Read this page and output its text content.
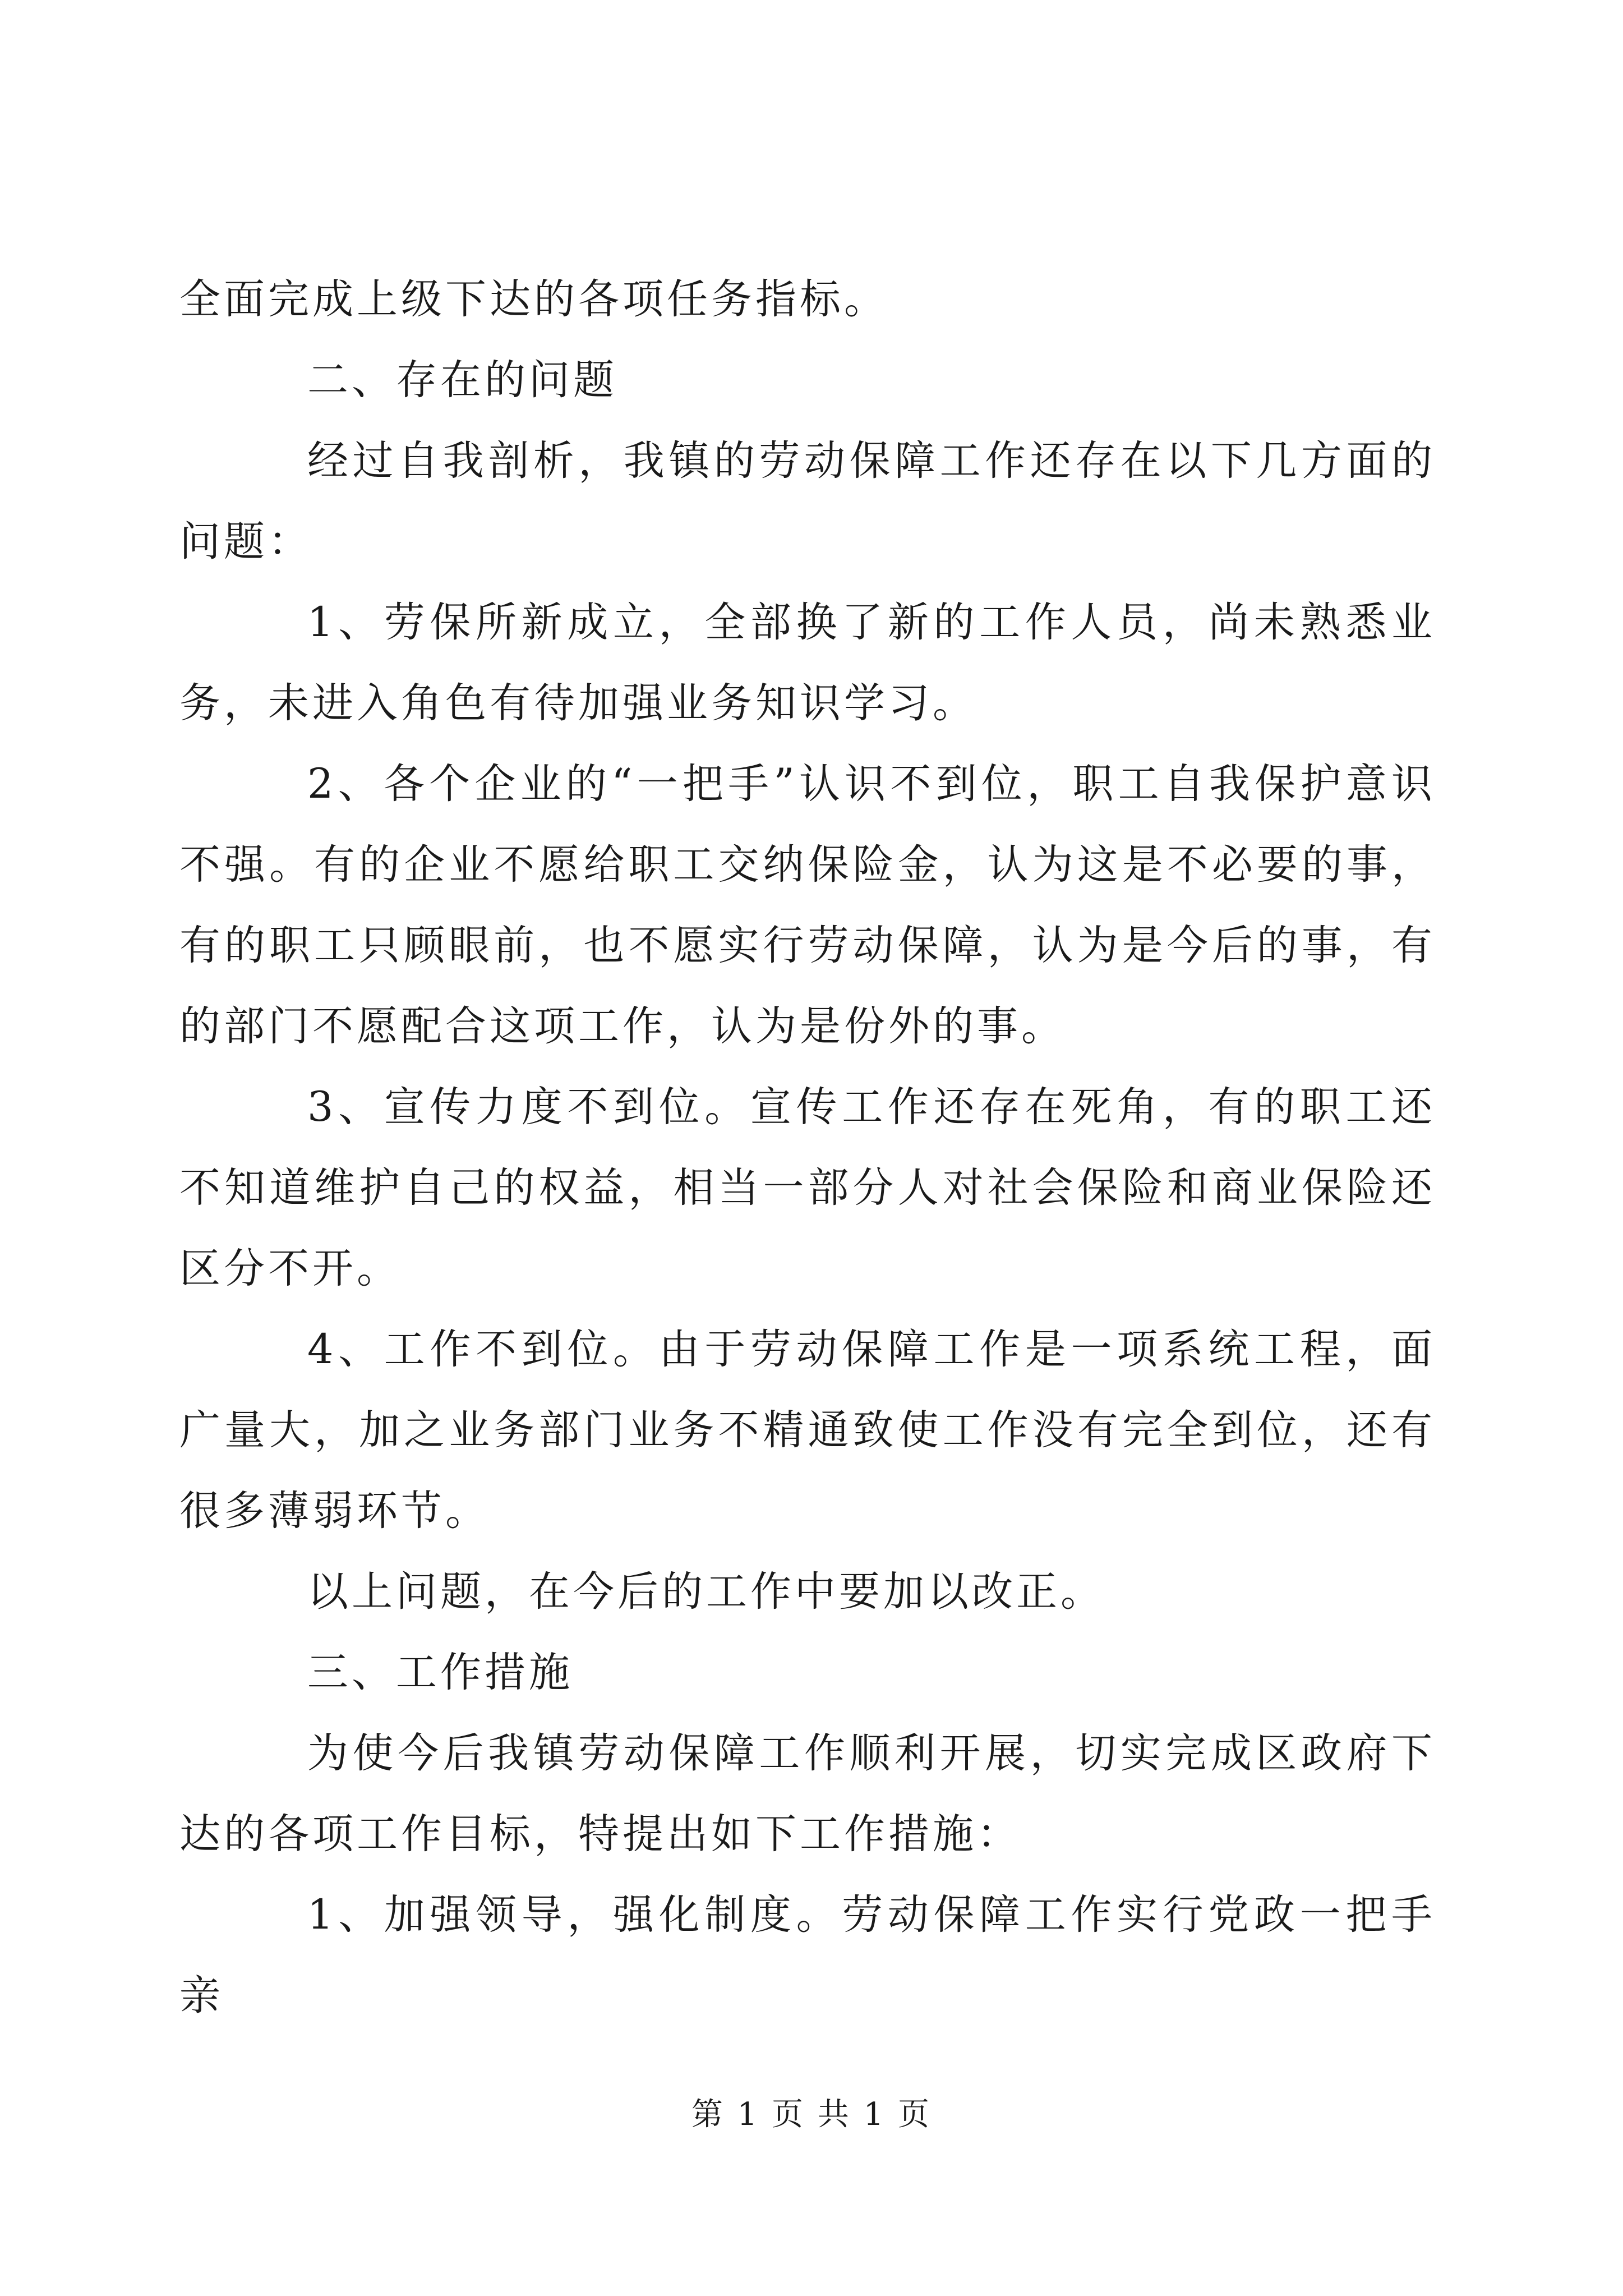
全面完成上级下达的各项任务指标。

二、存在的问题

经过自我剖析，我镇的劳动保障工作还存在以下几方面的问题：

1、劳保所新成立，全部换了新的工作人员，尚未熟悉业务，未进入角色有待加强业务知识学习。

2、各个企业的“一把手”认识不到位，职工自我保护意识不强。有的企业不愿给职工交纳保险金，认为这是不必要的事，有的职工只顾眼前，也不愿实行劳动保障，认为是今后的事，有的部门不愿配合这项工作，认为是份外的事。

3、宣传力度不到位。宣传工作还存在死角，有的职工还不知道维护自己的权益，相当一部分人对社会保险和商业保险还区分不开。

4、工作不到位。由于劳动保障工作是一项系统工程，面广量大，加之业务部门业务不精通致使工作没有完全到位，还有很多薄弱环节。

以上问题，在今后的工作中要加以改正。

三、工作措施

为使今后我镇劳动保障工作顺利开展，切实完成区政府下达的各项工作目标，特提出如下工作措施：

1、加强领导，强化制度。劳动保障工作实行党政一把手亲

第 1 页 共 1 页
